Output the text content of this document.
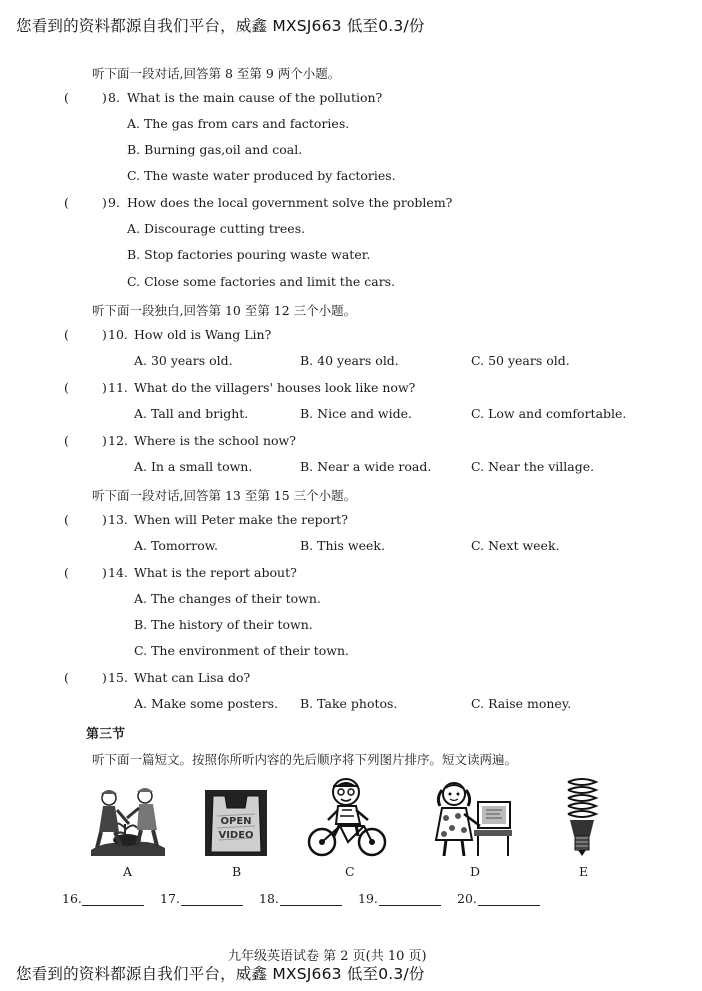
您看到的资料都源自我们平台，威鑫 MXSJ663 低至0.3/份
听下面一段对话,回答第 8 至第 9 两个小题。
(	) 8. What is the main cause of the pollution?
A. The gas from cars and factories.
B. Burning gas,oil and coal.
C. The waste water produced by factories.
(	) 9. How does the local government solve the problem?
A. Discourage cutting trees.
B. Stop factories pouring waste water.
C. Close some factories and limit the cars.
听下面一段独白,回答第 10 至第 12 三个小题。
(	) 10. How old is Wang Lin?
A. 30 years old.	B. 40 years old.	C. 50 years old.
(	) 11. What do the villagers' houses look like now?
A. Tall and bright.	B. Nice and wide.	C. Low and comfortable.
(	) 12. Where is the school now?
A. In a small town.	B. Near a wide road.	C. Near the village.
听下面一段对话,回答第 13 至第 15 三个小题。
(	) 13. When will Peter make the report?
A. Tomorrow.	B. This week.	C. Next week.
(	) 14. What is the report about?
A. The changes of their town.
B. The history of their town.
C. The environment of their town.
(	) 15. What can Lisa do?
A. Make some posters. B. Take photos.	C. Raise money.
第三节
听下面一篇短文。按照你所听内容的先后顺序将下列图片排序。短文读两遍。
A
OPEN
VIDEO
B	C	D	E
16.	17.	18.	19.	20.
九年级英语试卷 第 2 页(共 10 页)
您看到的资料都源自我们平台，威鑫 MXSJ663 低至0.3/份
